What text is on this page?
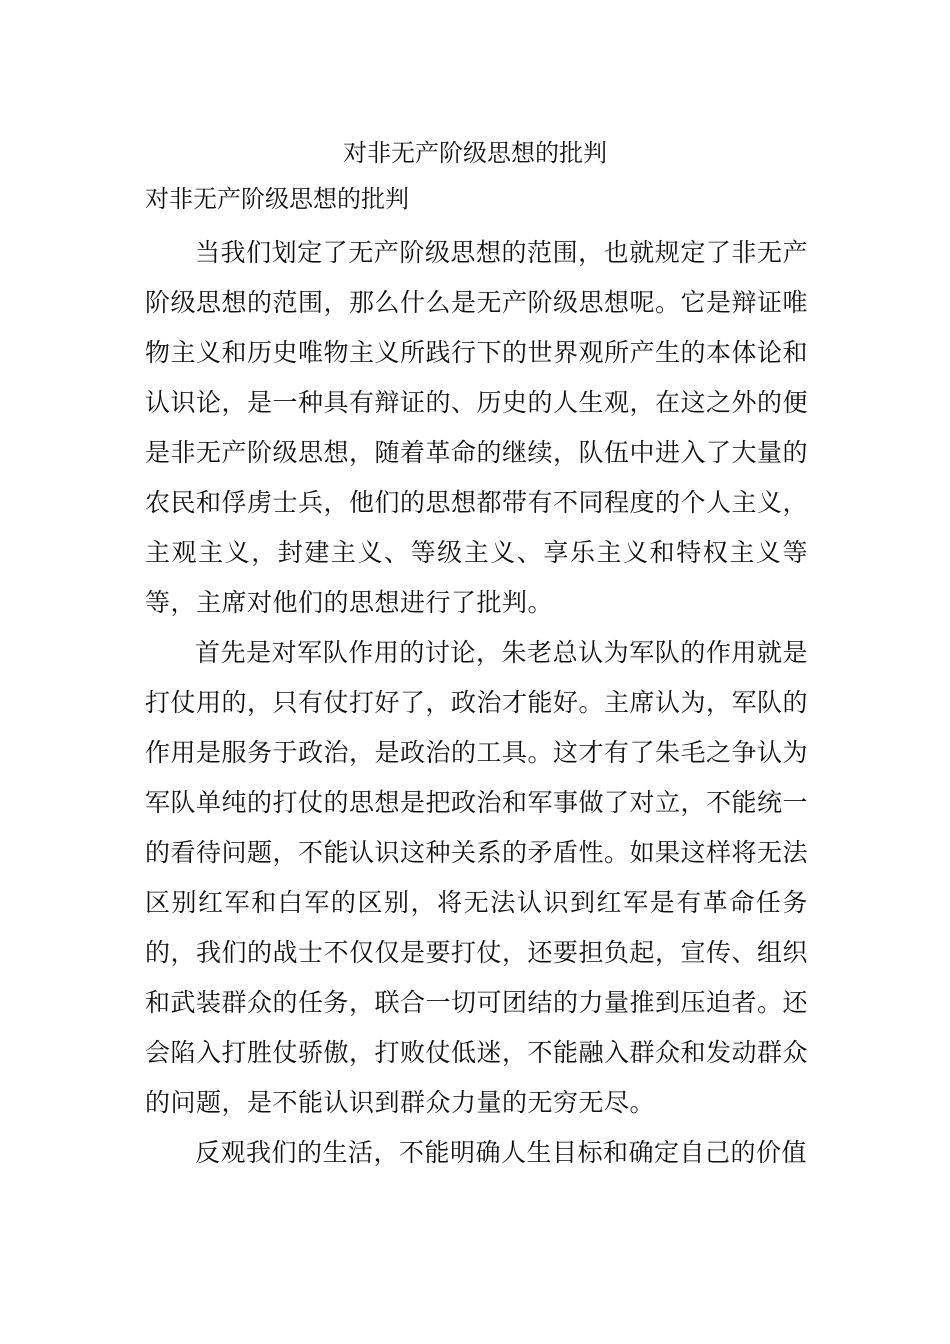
对非无产阶级思想的批判
对非无产阶级思想的批判

当我们划定了无产阶级思想的范围，也就规定了非无产阶级思想的范围，那么什么是无产阶级思想呢。它是辩证唯物主义和历史唯物主义所践行下的世界观所产生的本体论和认识论，是一种具有辩证的、历史的人生观，在这之外的便是非无产阶级思想，随着革命的继续，队伍中进入了大量的农民和俘虏士兵，他们的思想都带有不同程度的个人主义，主观主义，封建主义、等级主义、享乐主义和特权主义等等，主席对他们的思想进行了批判。

首先是对军队作用的讨论，朱老总认为军队的作用就是打仗用的，只有仗打好了，政治才能好。主席认为，军队的作用是服务于政治，是政治的工具。这才有了朱毛之争认为军队单纯的打仗的思想是把政治和军事做了对立，不能统一的看待问题，不能认识这种关系的矛盾性。如果这样将无法区别红军和白军的区别，将无法认识到红军是有革命任务的，我们的战士不仅仅是要打仗，还要担负起，宣传、组织和武装群众的任务，联合一切可团结的力量推到压迫者。还会陷入打胜仗骄傲，打败仗低迷，不能融入群众和发动群众的问题，是不能认识到群众力量的无穷无尽。

反观我们的生活，不能明确人生目标和确定自己的价值
